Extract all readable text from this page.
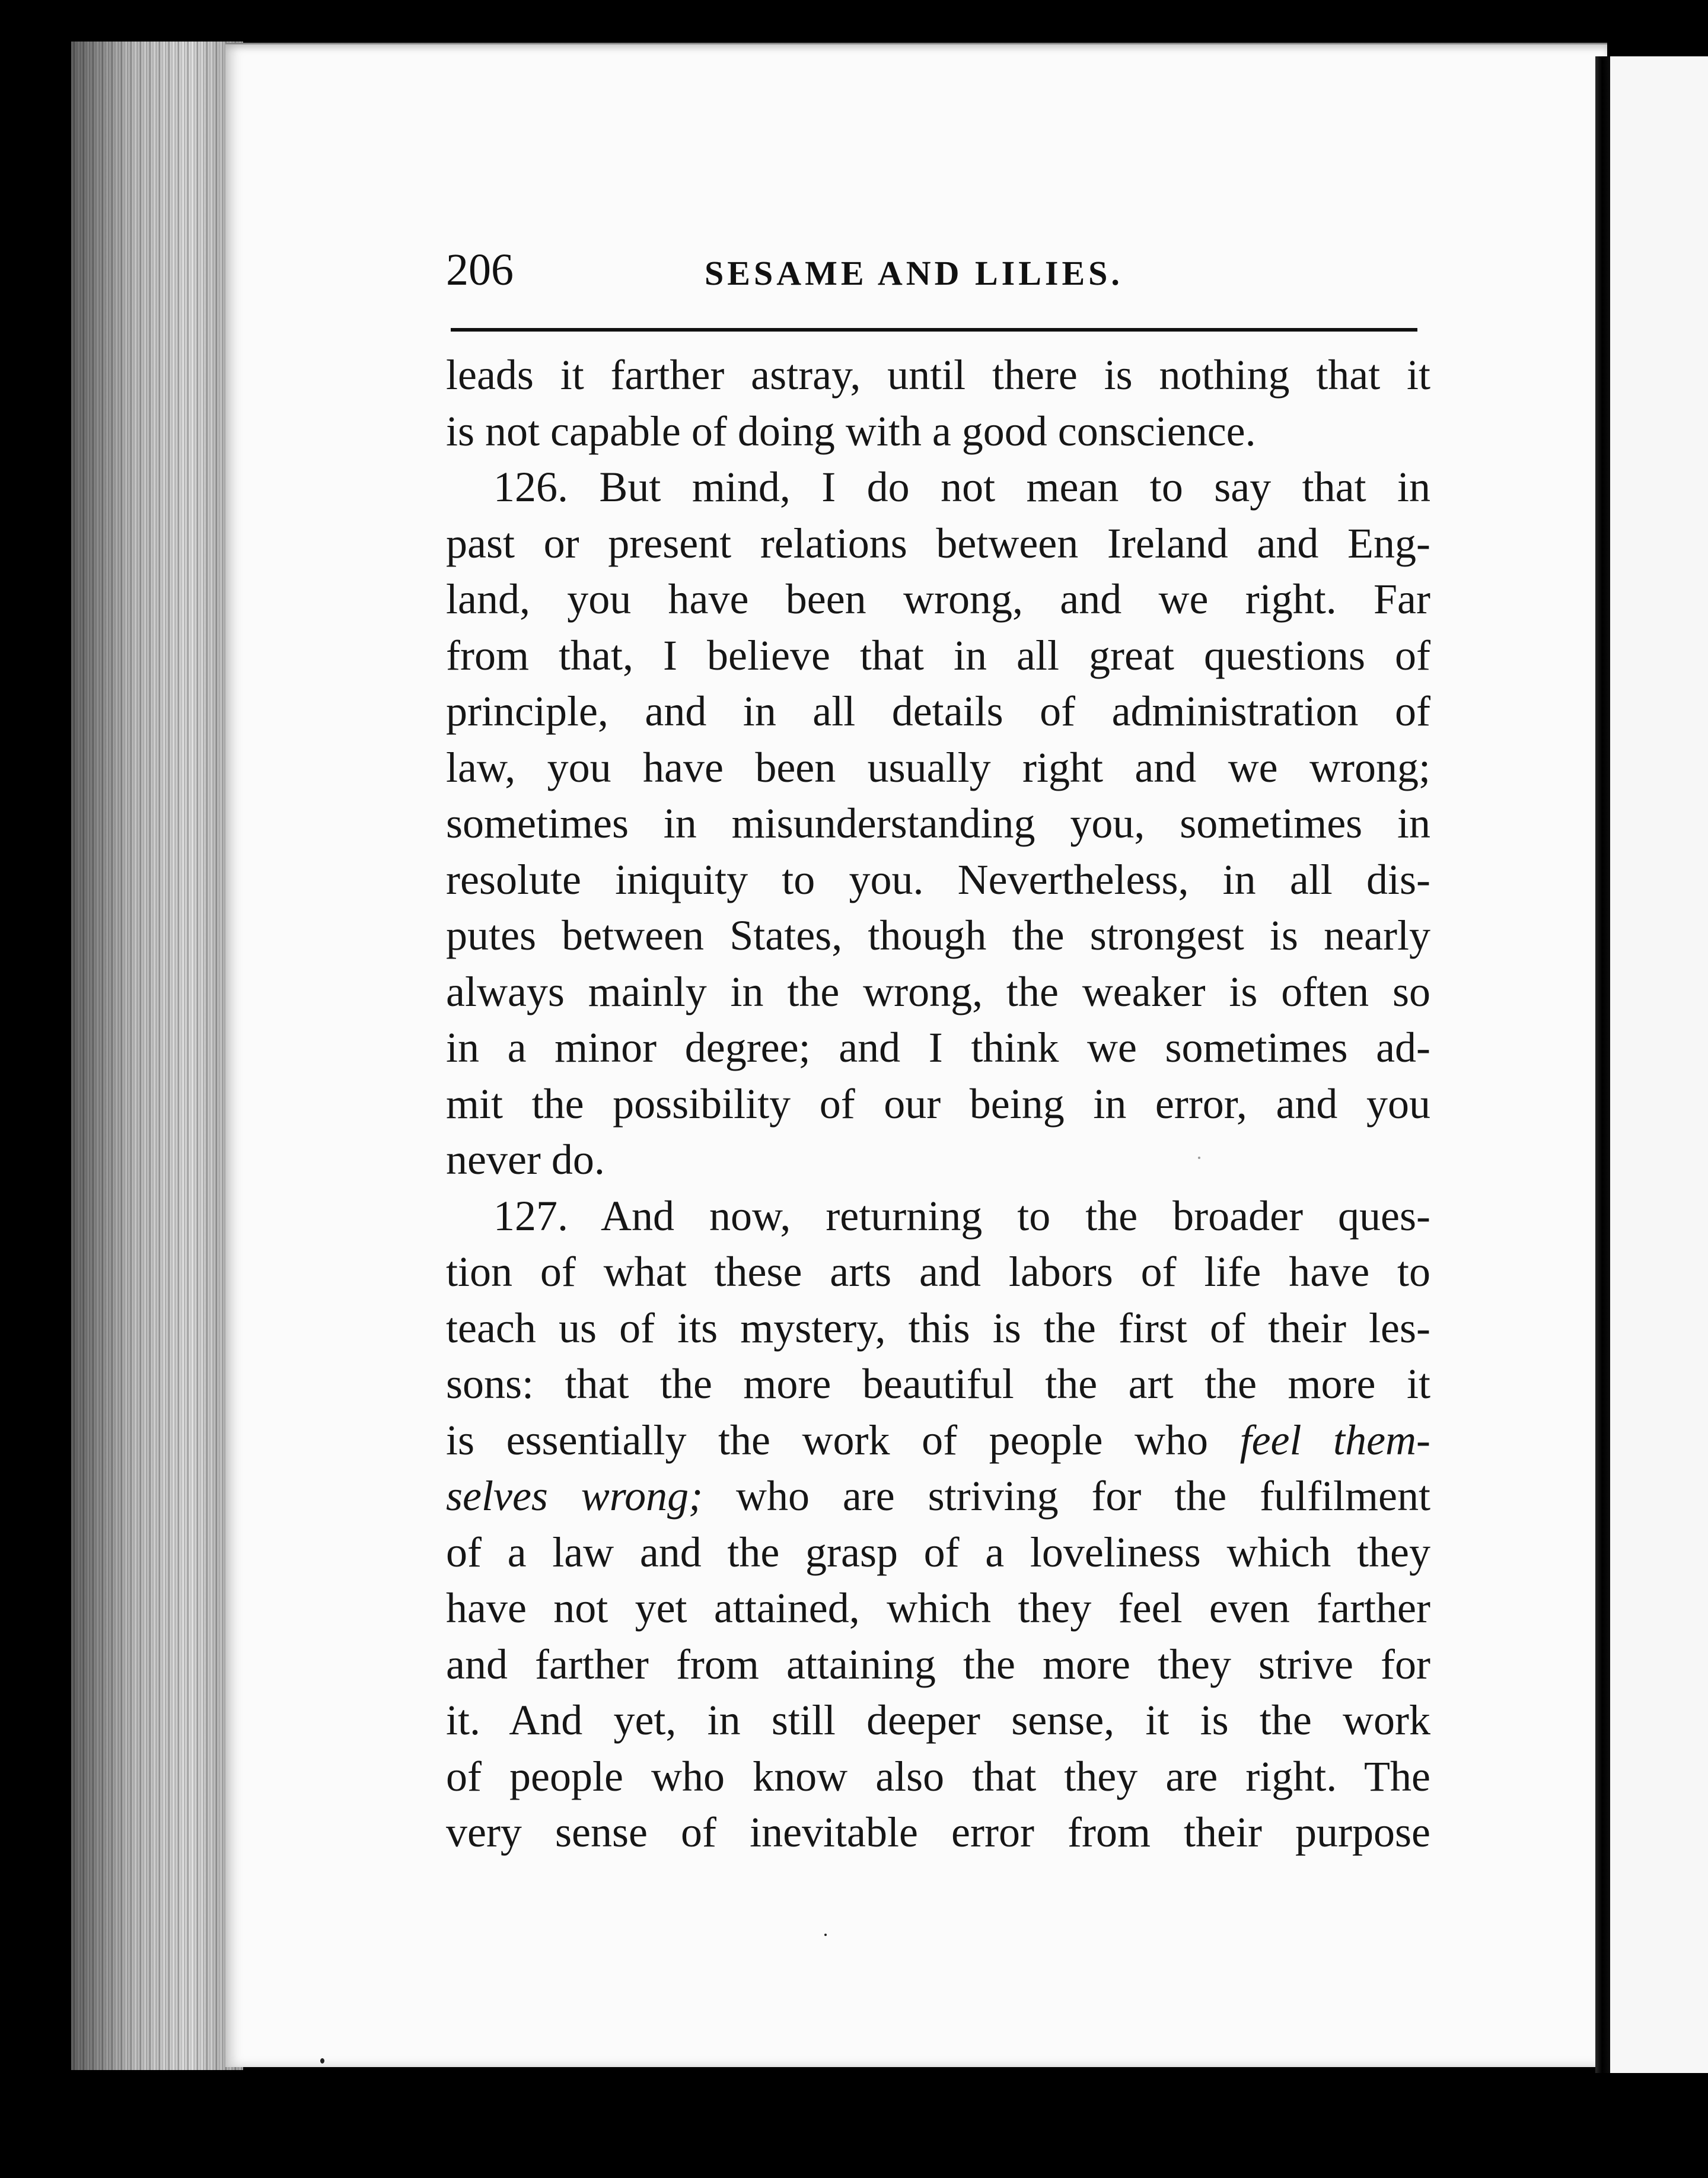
206	SESAME AND LILIES.
leads it farther astray, until there is nothing that it
is not capable of doing with a good conscience.
126. But mind, I do not mean to say that in
past or present relations between Ireland and Eng-
land, you have been wrong, and we right. Far
from that, I believe that in all great questions of
principle, and in all details of administration of
law, you have been usually right and we wrong;
sometimes in misunderstanding you, sometimes in
resolute iniquity to you. Nevertheless, in all dis-
putes between States, though the strongest is nearly
always mainly in the wrong, the weaker is often so
in a minor degree; and I think we sometimes ad-
mit the possibility of our being in error, and you
never do.
127. And now, returning to the broader ques-
tion of what these arts and labors of life have to
teach us of its mystery, this is the first of their les-
sons: that the more beautiful the art the more it
is essentially the work of people who feel them-
selves wrong; who are striving for the fulfilment
of a law and the grasp of a loveliness which they
have not yet attained, which they feel even farther
and farther from attaining the more they strive for
it. And yet, in still deeper sense, it is the work
of people who know also that they are right. The
very sense of inevitable error from their purpose
